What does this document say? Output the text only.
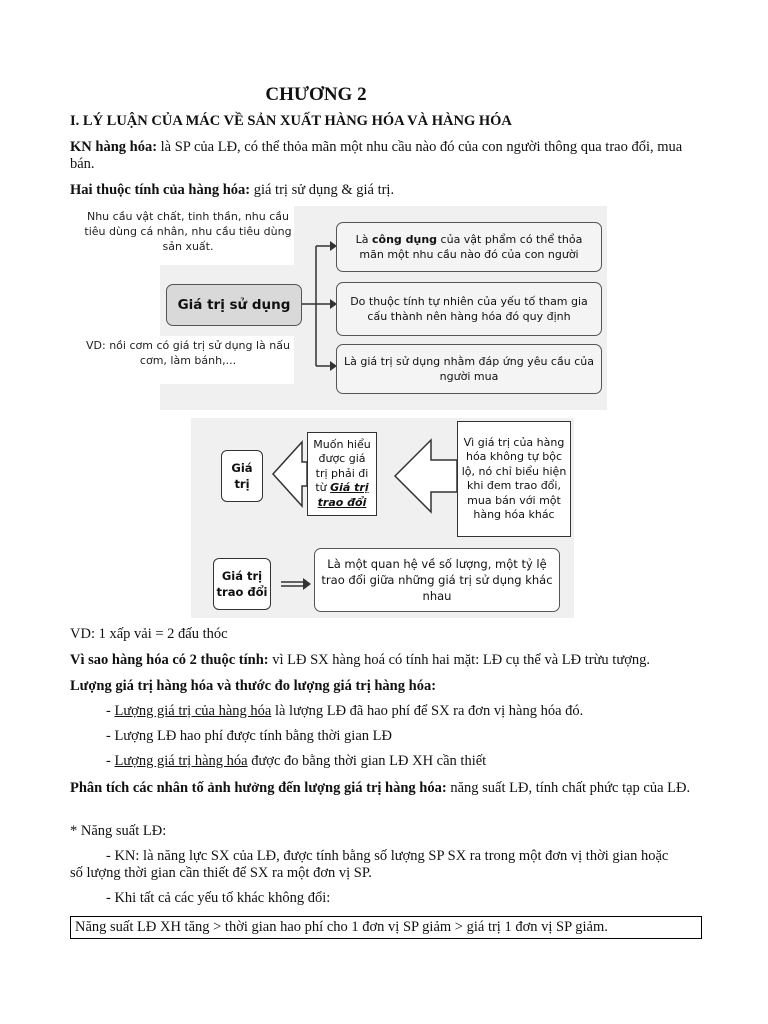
CHƯƠNG 2
I. LÝ LUẬN CỦA MÁC VỀ SẢN XUẤT HÀNG HÓA VÀ HÀNG HÓA
KN hàng hóa: là SP của LĐ, có thể thỏa mãn một nhu cầu nào đó của con người thông qua trao đổi, mua bán.
Hai thuộc tính của hàng hóa: giá trị sử dụng & giá trị.
Nhu cầu vật chất, tinh thần, nhu cầu tiêu dùng cá nhân, nhu cầu tiêu dùng sản xuất.
Giá trị sử dụng
VD: nồi cơm có giá trị sử dụng là nấu cơm, làm bánh,...
Là công dụng của vật phẩm có thể thỏa mãn một nhu cầu nào đó của con người
Do thuộc tính tự nhiên của yếu tố tham gia cấu thành nên hàng hóa đó quy định
Là giá trị sử dụng nhằm đáp ứng yêu cầu của người mua
Giá trị
Muốn hiểu được giá trị phải đi từ Giá trị trao đổi
Vì giá trị của hàng hóa không tự bộc lộ, nó chỉ biểu hiện khi đem trao đổi, mua bán với một hàng hóa khác
Giá trị trao đổi
Là một quan hệ về số lượng, một tỷ lệ trao đổi giữa những giá trị sử dụng khác nhau
VD: 1 xấp vải = 2 đấu thóc
Vì sao hàng hóa có 2 thuộc tính: vì LĐ SX hàng hoá có tính hai mặt: LĐ cụ thể và LĐ trừu tượng.
Lượng giá trị hàng hóa và thước đo lượng giá trị hàng hóa:
- Lượng giá trị của hàng hóa là lượng LĐ đã hao phí để SX ra đơn vị hàng hóa đó.
- Lượng LĐ hao phí được tính bằng thời gian LĐ
- Lượng giá trị hàng hóa được đo bằng thời gian LĐ XH cần thiết
Phân tích các nhân tố ảnh hưởng đến lượng giá trị hàng hóa: năng suất LĐ, tính chất phức tạp của LĐ.
* Năng suất LĐ:
- KN: là năng lực SX của LĐ, được tính bằng số lượng SP SX ra trong một đơn vị thời gian hoặc
số lượng thời gian cần thiết để SX ra một đơn vị SP.
- Khi tất cả các yếu tố khác không đổi:
Năng suất LĐ XH tăng > thời gian hao phí cho 1 đơn vị SP giảm > giá trị 1 đơn vị SP giảm.
